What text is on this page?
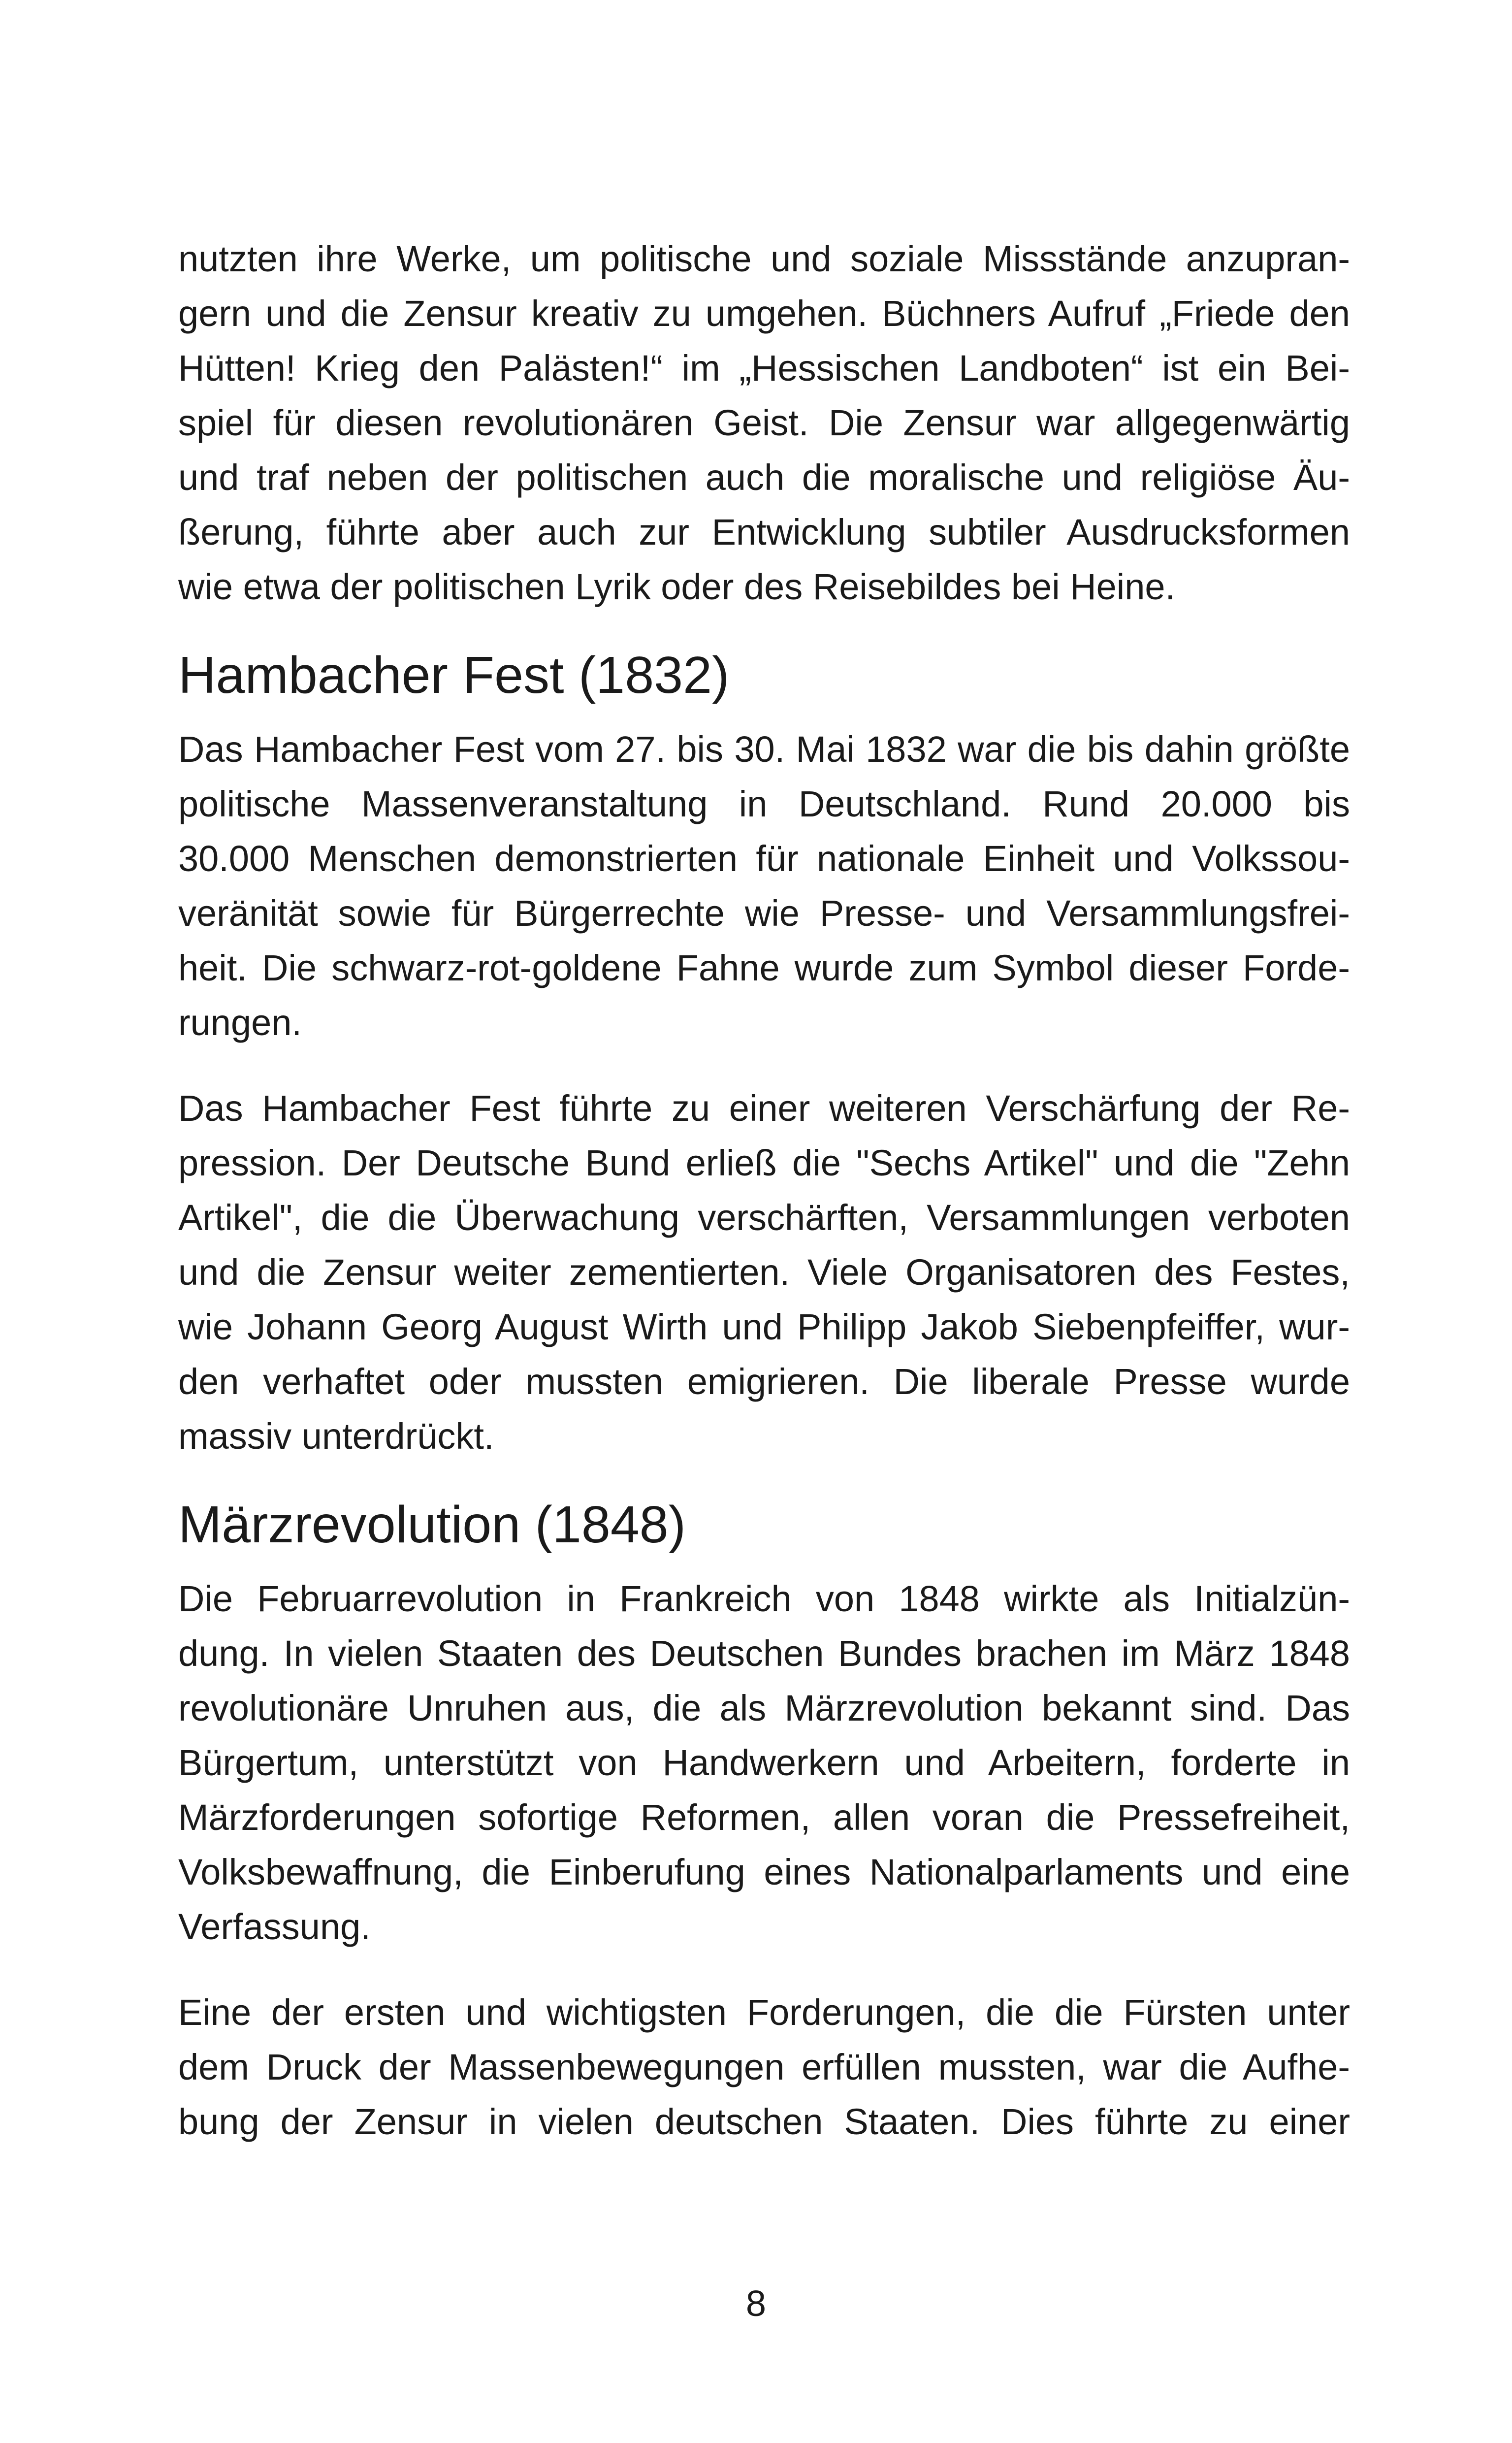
nutzten ihre Werke, um politische und soziale Missstände anzupran-
gern und die Zensur kreativ zu umgehen. Büchners Aufruf „Friede den
Hütten! Krieg den Palästen!“ im „Hessischen Landboten“ ist ein Bei-
spiel für diesen revolutionären Geist. Die Zensur war allgegenwärtig
und traf neben der politischen auch die moralische und religiöse Äu-
ßerung, führte aber auch zur Entwicklung subtiler Ausdrucksformen
wie etwa der politischen Lyrik oder des Reisebildes bei Heine.
Hambacher Fest (1832)
Das Hambacher Fest vom 27. bis 30. Mai 1832 war die bis dahin größte
politische Massenveranstaltung in Deutschland. Rund 20.000 bis
30.000 Menschen demonstrierten für nationale Einheit und Volkssou-
veränität sowie für Bürgerrechte wie Presse- und Versammlungsfrei-
heit. Die schwarz-rot-goldene Fahne wurde zum Symbol dieser Forde-
rungen.
Das Hambacher Fest führte zu einer weiteren Verschärfung der Re-
pression. Der Deutsche Bund erließ die "Sechs Artikel" und die "Zehn
Artikel", die die Überwachung verschärften, Versammlungen verboten
und die Zensur weiter zementierten. Viele Organisatoren des Festes,
wie Johann Georg August Wirth und Philipp Jakob Siebenpfeiffer, wur-
den verhaftet oder mussten emigrieren. Die liberale Presse wurde
massiv unterdrückt.
Märzrevolution (1848)
Die Februarrevolution in Frankreich von 1848 wirkte als Initialzün-
dung. In vielen Staaten des Deutschen Bundes brachen im März 1848
revolutionäre Unruhen aus, die als Märzrevolution bekannt sind. Das
Bürgertum, unterstützt von Handwerkern und Arbeitern, forderte in
Märzforderungen sofortige Reformen, allen voran die Pressefreiheit,
Volksbewaffnung, die Einberufung eines Nationalparlaments und eine
Verfassung.
Eine der ersten und wichtigsten Forderungen, die die Fürsten unter
dem Druck der Massenbewegungen erfüllen mussten, war die Aufhe-
bung der Zensur in vielen deutschen Staaten. Dies führte zu einer
8
